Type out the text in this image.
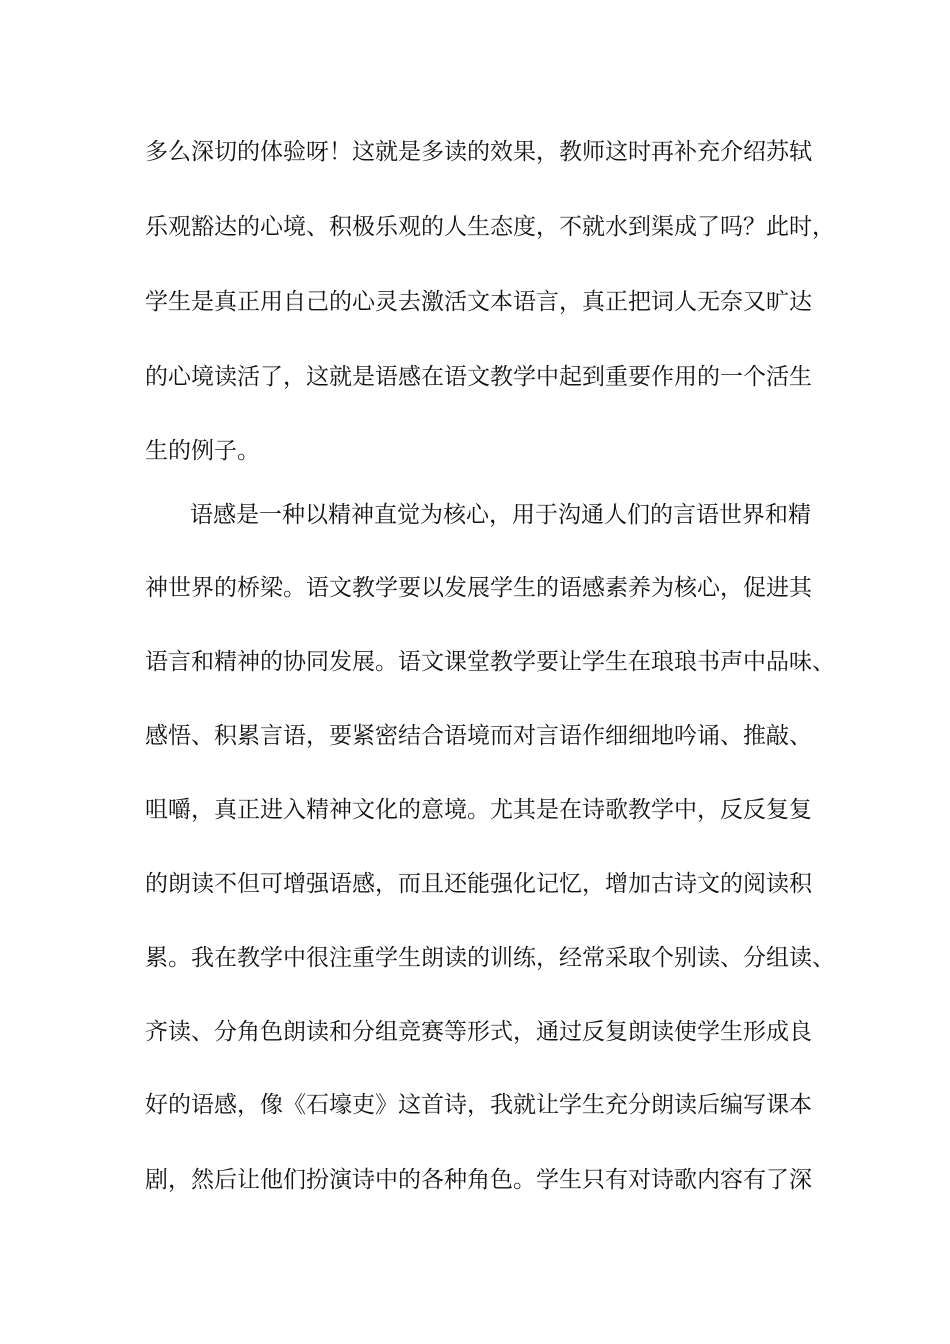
多么深切的体验呀！这就是多读的效果，教师这时再补充介绍苏轼
乐观豁达的心境、积极乐观的人生态度，不就水到渠成了吗？此时，
学生是真正用自己的心灵去激活文本语言，真正把词人无奈又旷达
的心境读活了，这就是语感在语文教学中起到重要作用的一个活生
生的例子。
语感是一种以精神直觉为核心，用于沟通人们的言语世界和精
神世界的桥梁。语文教学要以发展学生的语感素养为核心，促进其
语言和精神的协同发展。语文课堂教学要让学生在琅琅书声中品味、
感悟、积累言语，要紧密结合语境而对言语作细细地吟诵、推敲、
咀嚼，真正进入精神文化的意境。尤其是在诗歌教学中，反反复复
的朗读不但可增强语感，而且还能强化记忆，增加古诗文的阅读积
累。我在教学中很注重学生朗读的训练，经常采取个别读、分组读、
齐读、分角色朗读和分组竞赛等形式，通过反复朗读使学生形成良
好的语感，像《石壕吏》这首诗，我就让学生充分朗读后编写课本
剧，然后让他们扮演诗中的各种角色。学生只有对诗歌内容有了深
